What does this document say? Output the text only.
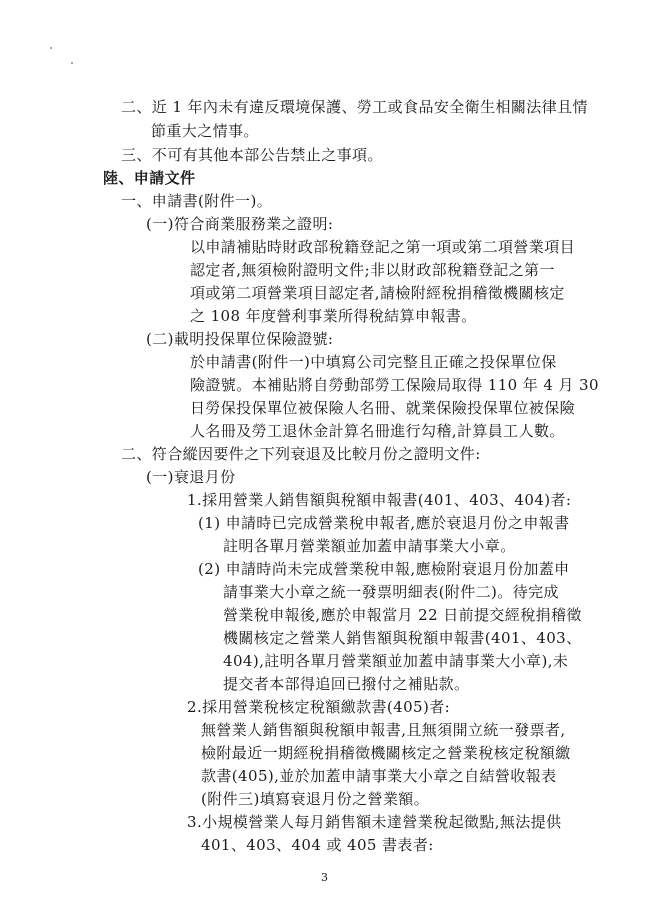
二、近 1 年內未有違反環境保護、勞工或食品安全衛生相關法律且情
節重大之情事。
三、不可有其他本部公告禁止之事項。
陸、申請文件
一、申請書(附件一)。
(一)符合商業服務業之證明:
以申請補貼時財政部稅籍登記之第一項或第二項營業項目
認定者,無須檢附證明文件;非以財政部稅籍登記之第一
項或第二項營業項目認定者,請檢附經稅捐稽徵機關核定
之 108 年度營利事業所得稅結算申報書。
(二)載明投保單位保險證號:
於申請書(附件一)中填寫公司完整且正確之投保單位保
險證號。本補貼將自勞動部勞工保險局取得 110 年 4 月 30
日勞保投保單位被保險人名冊、就業保險投保單位被保險
人名冊及勞工退休金計算名冊進行勾稽,計算員工人數。
二、符合縱因要件之下列衰退及比較月份之證明文件:
(一)衰退月份
1.採用營業人銷售額與稅額申報書(401、403、404)者:
(1) 申請時已完成營業稅申報者,應於衰退月份之申報書
註明各單月營業額並加蓋申請事業大小章。
(2) 申請時尚未完成營業稅申報,應檢附衰退月份加蓋申
請事業大小章之統一發票明細表(附件二)。待完成
營業稅申報後,應於申報當月 22 日前提交經稅捐稽徵
機關核定之營業人銷售額與稅額申報書(401、403、
404),註明各單月營業額並加蓋申請事業大小章),未
提交者本部得追回已撥付之補貼款。
2.採用營業稅核定稅額繳款書(405)者:
無營業人銷售額與稅額申報書,且無須開立統一發票者,
檢附最近一期經稅捐稽徵機關核定之營業稅核定稅額繳
款書(405),並於加蓋申請事業大小章之自結營收報表
(附件三)填寫衰退月份之營業額。
3.小規模營業人每月銷售額未達營業稅起徵點,無法提供
401、403、404 或 405 書表者:
3
